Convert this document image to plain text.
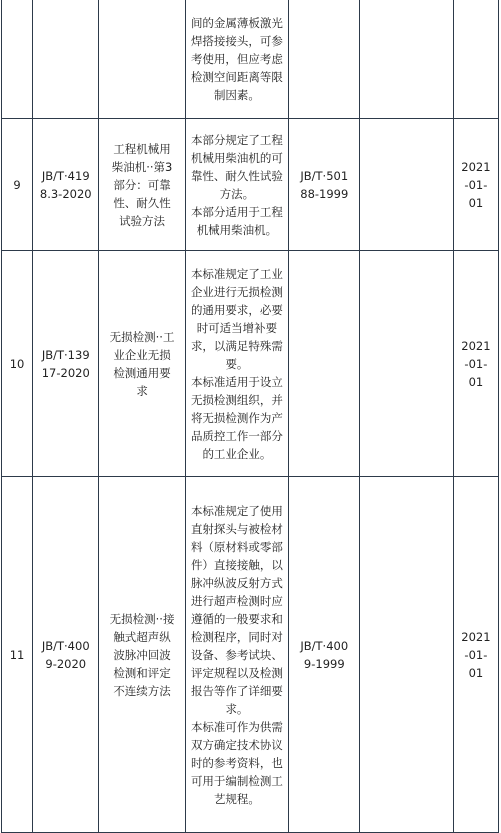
			间的金属薄板激光焊搭接接头，可参考使用，但应考虑检测空间距离等限制因素。			

9	JB/T·4198.3-2020	工程机械用柴油机··第3部分：可靠性、耐久性试验方法	本部分规定了工程机械用柴油机的可靠性、耐久性试验方法。
本部分适用于工程机械用柴油机。	JB/T·50188-1999		2021-01-01

10	JB/T·13917-2020	无损检测··工业企业无损检测通用要求	本标准规定了工业企业进行无损检测的通用要求，必要时可适当增补要求，以满足特殊需要。
本标准适用于设立无损检测组织，并将无损检测作为产品质控工作一部分的工业企业。			2021-01-01

11	JB/T·4009-2020	无损检测··接触式超声纵波脉冲回波检测和评定不连续方法	本标准规定了使用直射探头与被检材料（原材料或零部件）直接接触，以脉冲纵波反射方式进行超声检测时应遵循的一般要求和检测程序，同时对设备、参考试块、评定规程以及检测报告等作了详细要求。
本标准可作为供需双方确定技术协议时的参考资料，也可用于编制检测工艺规程。	JB/T·4009-1999		2021-01-01
